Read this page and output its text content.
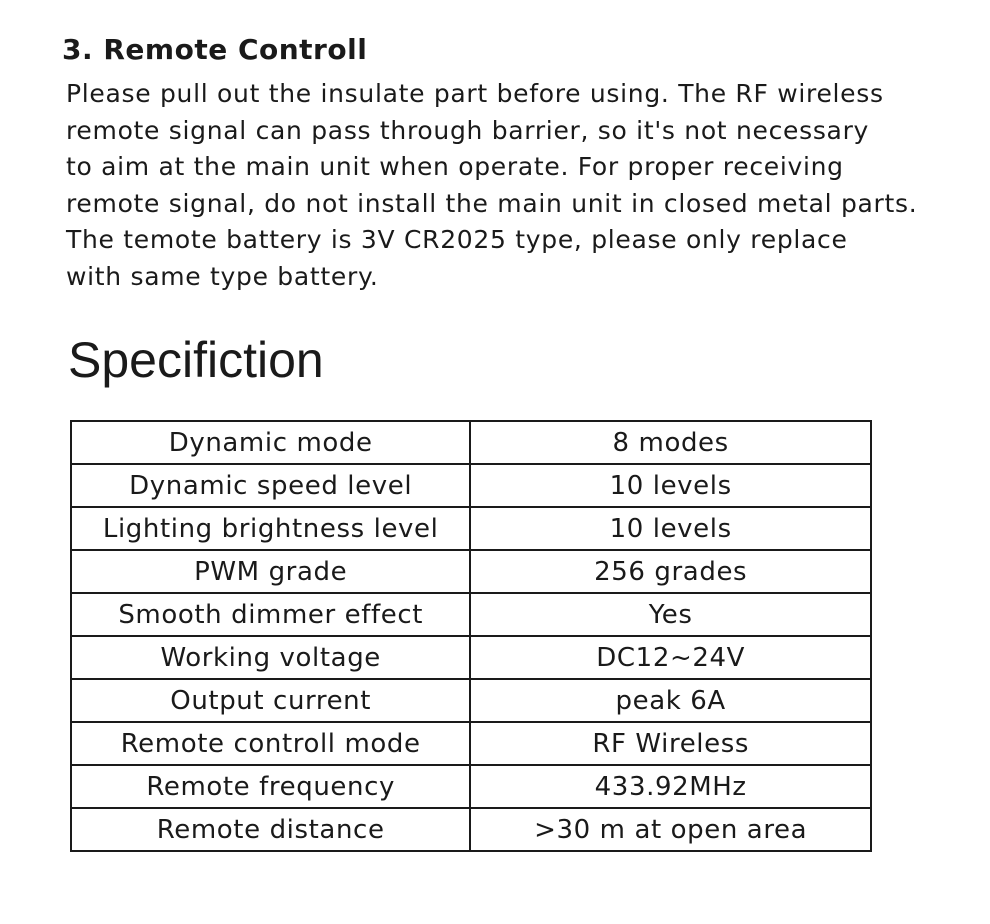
3. Remote Controll

Please pull out the insulate part before using. The RF wireless
remote signal can pass through barrier, so it's not necessary
to aim at the main unit when operate. For proper receiving
remote signal, do not install the main unit in closed metal parts.
The temote battery is 3V CR2025 type, please only replace
with same type battery.

Specifiction
Dynamic mode	8 modes
Dynamic speed level	10 levels
Lighting brightness level	10 levels
PWM grade	256 grades
Smooth dimmer effect	Yes
Working voltage	DC12~24V
Output current	peak 6A
Remote controll mode	RF Wireless
Remote frequency	433.92MHz
Remote distance	>30 m at open area
